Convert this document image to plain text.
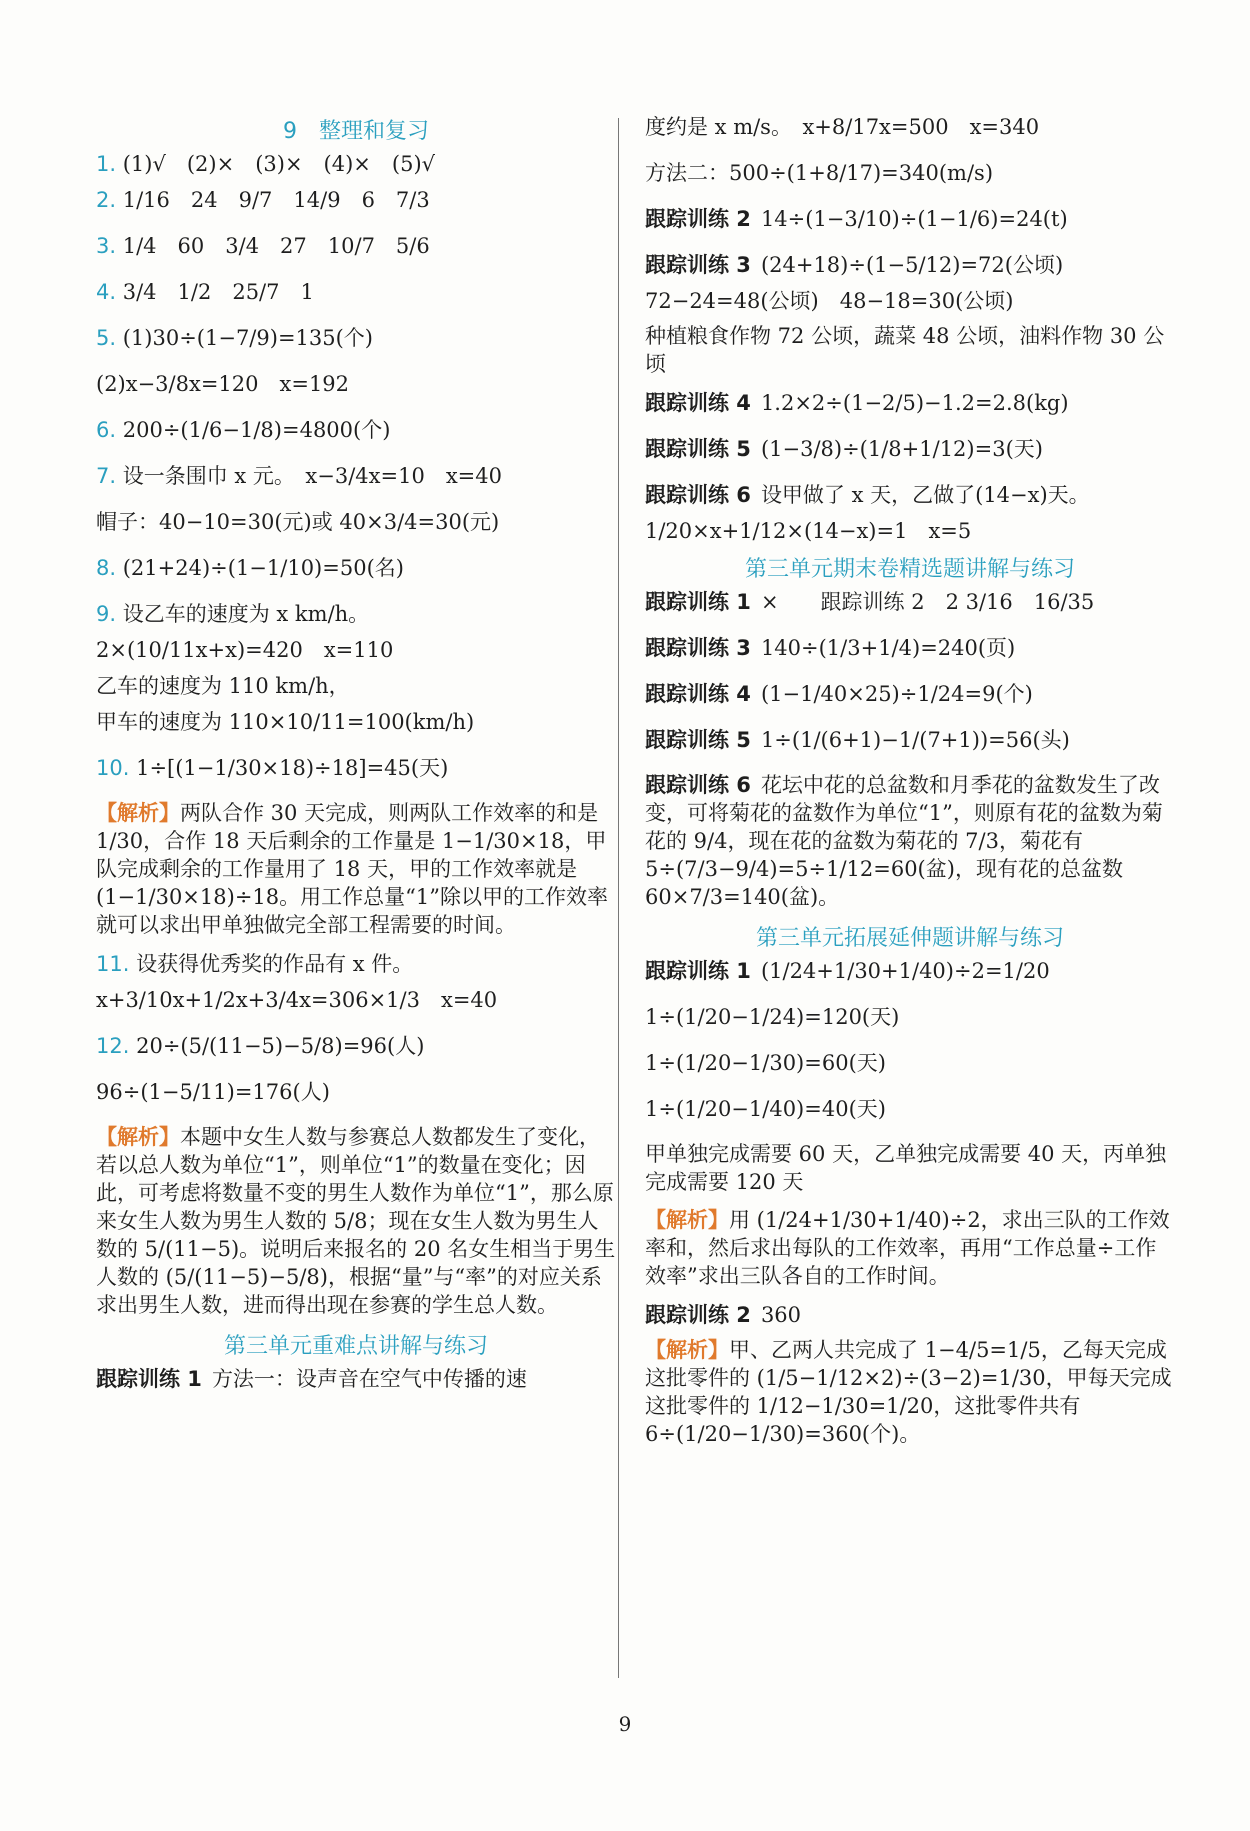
9　整理和复习
1. (1)√　(2)×　(3)×　(4)×　(5)√
2. 1/16　24　9/7　14/9　6　7/3
3. 1/4　60　3/4　27　10/7　5/6
4. 3/4　1/2　25/7　1
5. (1)30÷(1−7/9)=135(个)
(2)x−3/8x=120　x=192
6. 200÷(1/6−1/8)=4800(个)
7. 设一条围巾 x 元。　x−3/4x=10　x=40
帽子：40−10=30(元)或 40×3/4=30(元)
8. (21+24)÷(1−1/10)=50(名)
9. 设乙车的速度为 x km/h。
2×(10/11x+x)=420　x=110
乙车的速度为 110 km/h，
甲车的速度为 110×10/11=100(km/h)
10. 1÷[(1−1/30×18)÷18]=45(天)
【解析】两队合作 30 天完成，则两队工作效率的和是 1/30，合作 18 天后剩余的工作量是 1−1/30×18，甲队完成剩余的工作量用了 18 天，甲的工作效率就是 (1−1/30×18)÷18。用工作总量“1”除以甲的工作效率就可以求出甲单独做完全部工程需要的时间。
11. 设获得优秀奖的作品有 x 件。
x+3/10x+1/2x+3/4x=306×1/3　x=40
12. 20÷(5/(11−5)−5/8)=96(人)
96÷(1−5/11)=176(人)
【解析】本题中女生人数与参赛总人数都发生了变化，若以总人数为单位“1”，则单位“1”的数量在变化；因此，可考虑将数量不变的男生人数作为单位“1”，那么原来女生人数为男生人数的 5/8；现在女生人数为男生人数的 5/(11−5)。说明后来报名的 20 名女生相当于男生人数的 (5/(11−5)−5/8)，根据“量”与“率”的对应关系求出男生人数，进而得出现在参赛的学生总人数。
第三单元重难点讲解与练习
跟踪训练 1 方法一：设声音在空气中传播的速
度约是 x m/s。　x+8/17x=500　x=340
方法二：500÷(1+8/17)=340(m/s)
跟踪训练 2 14÷(1−3/10)÷(1−1/6)=24(t)
跟踪训练 3 (24+18)÷(1−5/12)=72(公顷)
72−24=48(公顷)　48−18=30(公顷)
种植粮食作物 72 公顷，蔬菜 48 公顷，油料作物 30 公顷
跟踪训练 4 1.2×2÷(1−2/5)−1.2=2.8(kg)
跟踪训练 5 (1−3/8)÷(1/8+1/12)=3(天)
跟踪训练 6 设甲做了 x 天，乙做了(14−x)天。
1/20×x+1/12×(14−x)=1　x=5
第三单元期末卷精选题讲解与练习
跟踪训练 1 ×　　跟踪训练 2　2 3/16　16/35
跟踪训练 3 140÷(1/3+1/4)=240(页)
跟踪训练 4 (1−1/40×25)÷1/24=9(个)
跟踪训练 5 1÷(1/(6+1)−1/(7+1))=56(头)
跟踪训练 6 花坛中花的总盆数和月季花的盆数发生了改变，可将菊花的盆数作为单位“1”，则原有花的盆数为菊花的 9/4，现在花的盆数为菊花的 7/3，菊花有 5÷(7/3−9/4)=5÷1/12=60(盆)，现有花的总盆数 60×7/3=140(盆)。
第三单元拓展延伸题讲解与练习
跟踪训练 1 (1/24+1/30+1/40)÷2=1/20
1÷(1/20−1/24)=120(天)
1÷(1/20−1/30)=60(天)
1÷(1/20−1/40)=40(天)
甲单独完成需要 60 天，乙单独完成需要 40 天，丙单独完成需要 120 天
【解析】用 (1/24+1/30+1/40)÷2，求出三队的工作效率和，然后求出每队的工作效率，再用“工作总量÷工作效率”求出三队各自的工作时间。
跟踪训练 2 360
【解析】甲、乙两人共完成了 1−4/5=1/5，乙每天完成这批零件的 (1/5−1/12×2)÷(3−2)=1/30，甲每天完成这批零件的 1/12−1/30=1/20，这批零件共有 6÷(1/20−1/30)=360(个)。
9
